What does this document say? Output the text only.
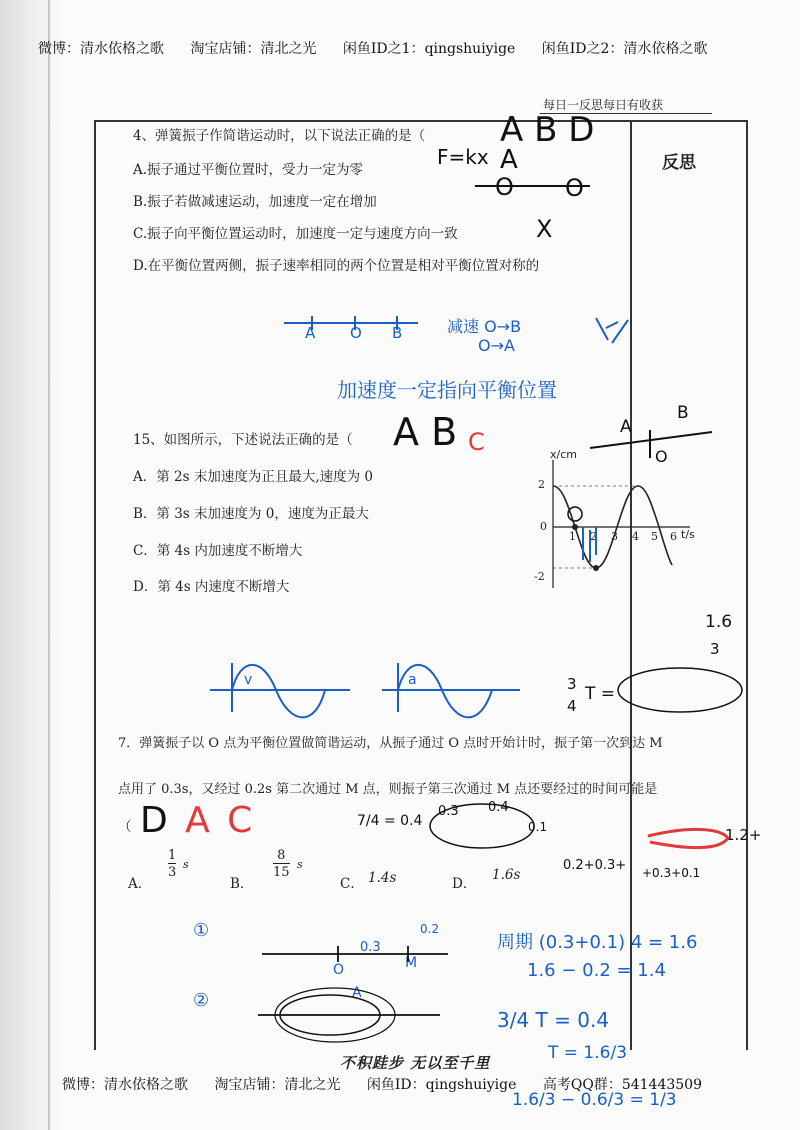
微博：清水依格之歌 淘宝店铺：清北之光 闲鱼ID之1：qingshuiyige 闲鱼ID之2：清水依格之歌
每日一反思每日有收获
反思
4、弹簧振子作简谐运动时，以下说法正确的是（
A.振子通过平衡位置时，受力一定为零
B.振子若做减速运动，加速度一定在增加
C.振子向平衡位置运动时，加速度一定与速度方向一致
D.在平衡位置两侧，振子速率相同的两个位置是相对平衡位置对称的
A B D
F=kx A
O O
X
A O B	减速 O→B
O→A
加速度一定指向平衡位置
15、如图所示，下述说法正确的是（
A．第 2s 末加速度为正且最大,速度为 0
B．第 3s 末加速度为 0，速度为正最大
C．第 4s 内加速度不断增大
D．第 4s 内速度不断增大
A B C
A
B
O
x/cm
t/s
2
0
-2
1 2 3 4 5 6
v	a
1.6
3
3
4
T =
7．弹簧振子以 O 点为平衡位置做简谐运动，从振子通过 O 点时开始计时，振子第一次到达 M
点用了 0.3s，又经过 0.2s 第二次通过 M 点，则振子第三次通过 M 点还要经过的时间可能是
（
A．
$\frac{1}{3}$ s
B．
$\frac{8}{15}$ s
C． 1.4s	D．
1.6s
DAC
①
②
周期 (0.3+0.1) 4 = 1.6
1.6 − 0.2 = 1.4
3/4 T = 0.4
T = 1.6/3
1.6/3 − 0.6/3 = 1/3
0.3
0.2
O	M
A
0.3 0.4
0.1
7/4 = 0.4
1.2+
0.2+0.3+ +0.3+0.1
不积跬步 无以至千里
微博：清水依格之歌 淘宝店铺：清北之光 闲鱼ID：qingshuiyige 高考QQ群：541443509
